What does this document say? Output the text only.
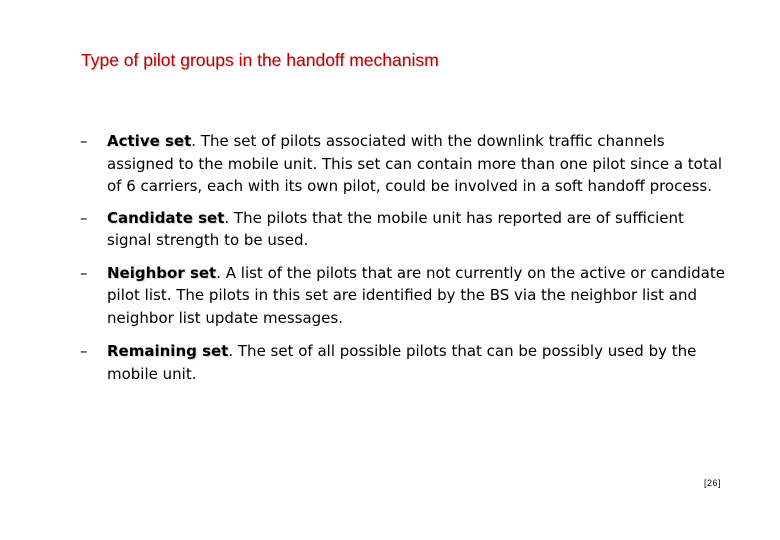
Type of pilot groups in the handoff mechanism
– Active set. The set of pilots associated with the downlink traffic channels assigned to the mobile unit. This set can contain more than one pilot since a total of 6 carriers, each with its own pilot, could be involved in a soft handoff process.
– Candidate set. The pilots that the mobile unit has reported are of sufficient signal strength to be used.
– Neighbor set. A list of the pilots that are not currently on the active or candidate pilot list. The pilots in this set are identified by the BS via the neighbor list and neighbor list update messages.
– Remaining set. The set of all possible pilots that can be possibly used by the mobile unit.
[26]
